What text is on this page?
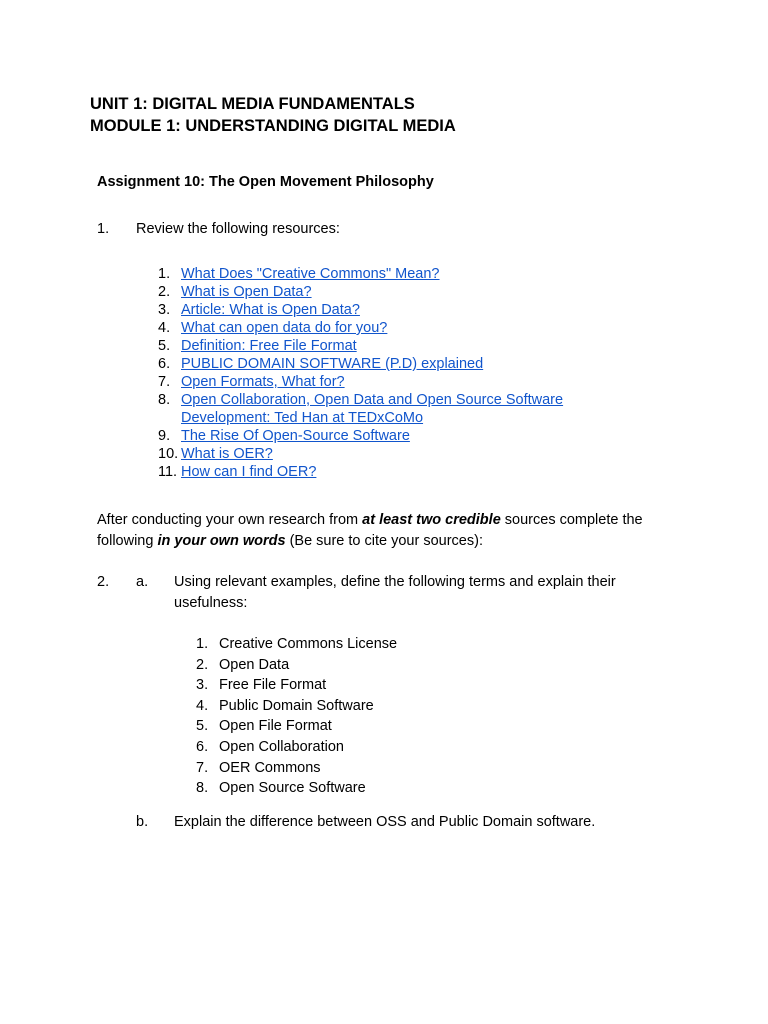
UNIT 1: DIGITAL MEDIA FUNDAMENTALS
MODULE 1: UNDERSTANDING DIGITAL MEDIA
Assignment 10: The Open Movement Philosophy
1. Review the following resources:
1. What Does "Creative Commons" Mean?
2. What is Open Data?
3. Article: What is Open Data?
4. What can open data do for you?
5. Definition: Free File Format
6. PUBLIC DOMAIN SOFTWARE (P.D) explained
7. Open Formats, What for?
8. Open Collaboration, Open Data and Open Source Software
Development: Ted Han at TEDxCoMo
9. The Rise Of Open-Source Software
10. What is OER?
11. How can I find OER?
After conducting your own research from at least two credible sources complete the following in your own words (Be sure to cite your sources):
2. a. Using relevant examples, define the following terms and explain their
usefulness:
1. Creative Commons License
2. Open Data
3. Free File Format
4. Public Domain Software
5. Open File Format
6. Open Collaboration
7. OER Commons
8. Open Source Software
b. Explain the difference between OSS and Public Domain software.
